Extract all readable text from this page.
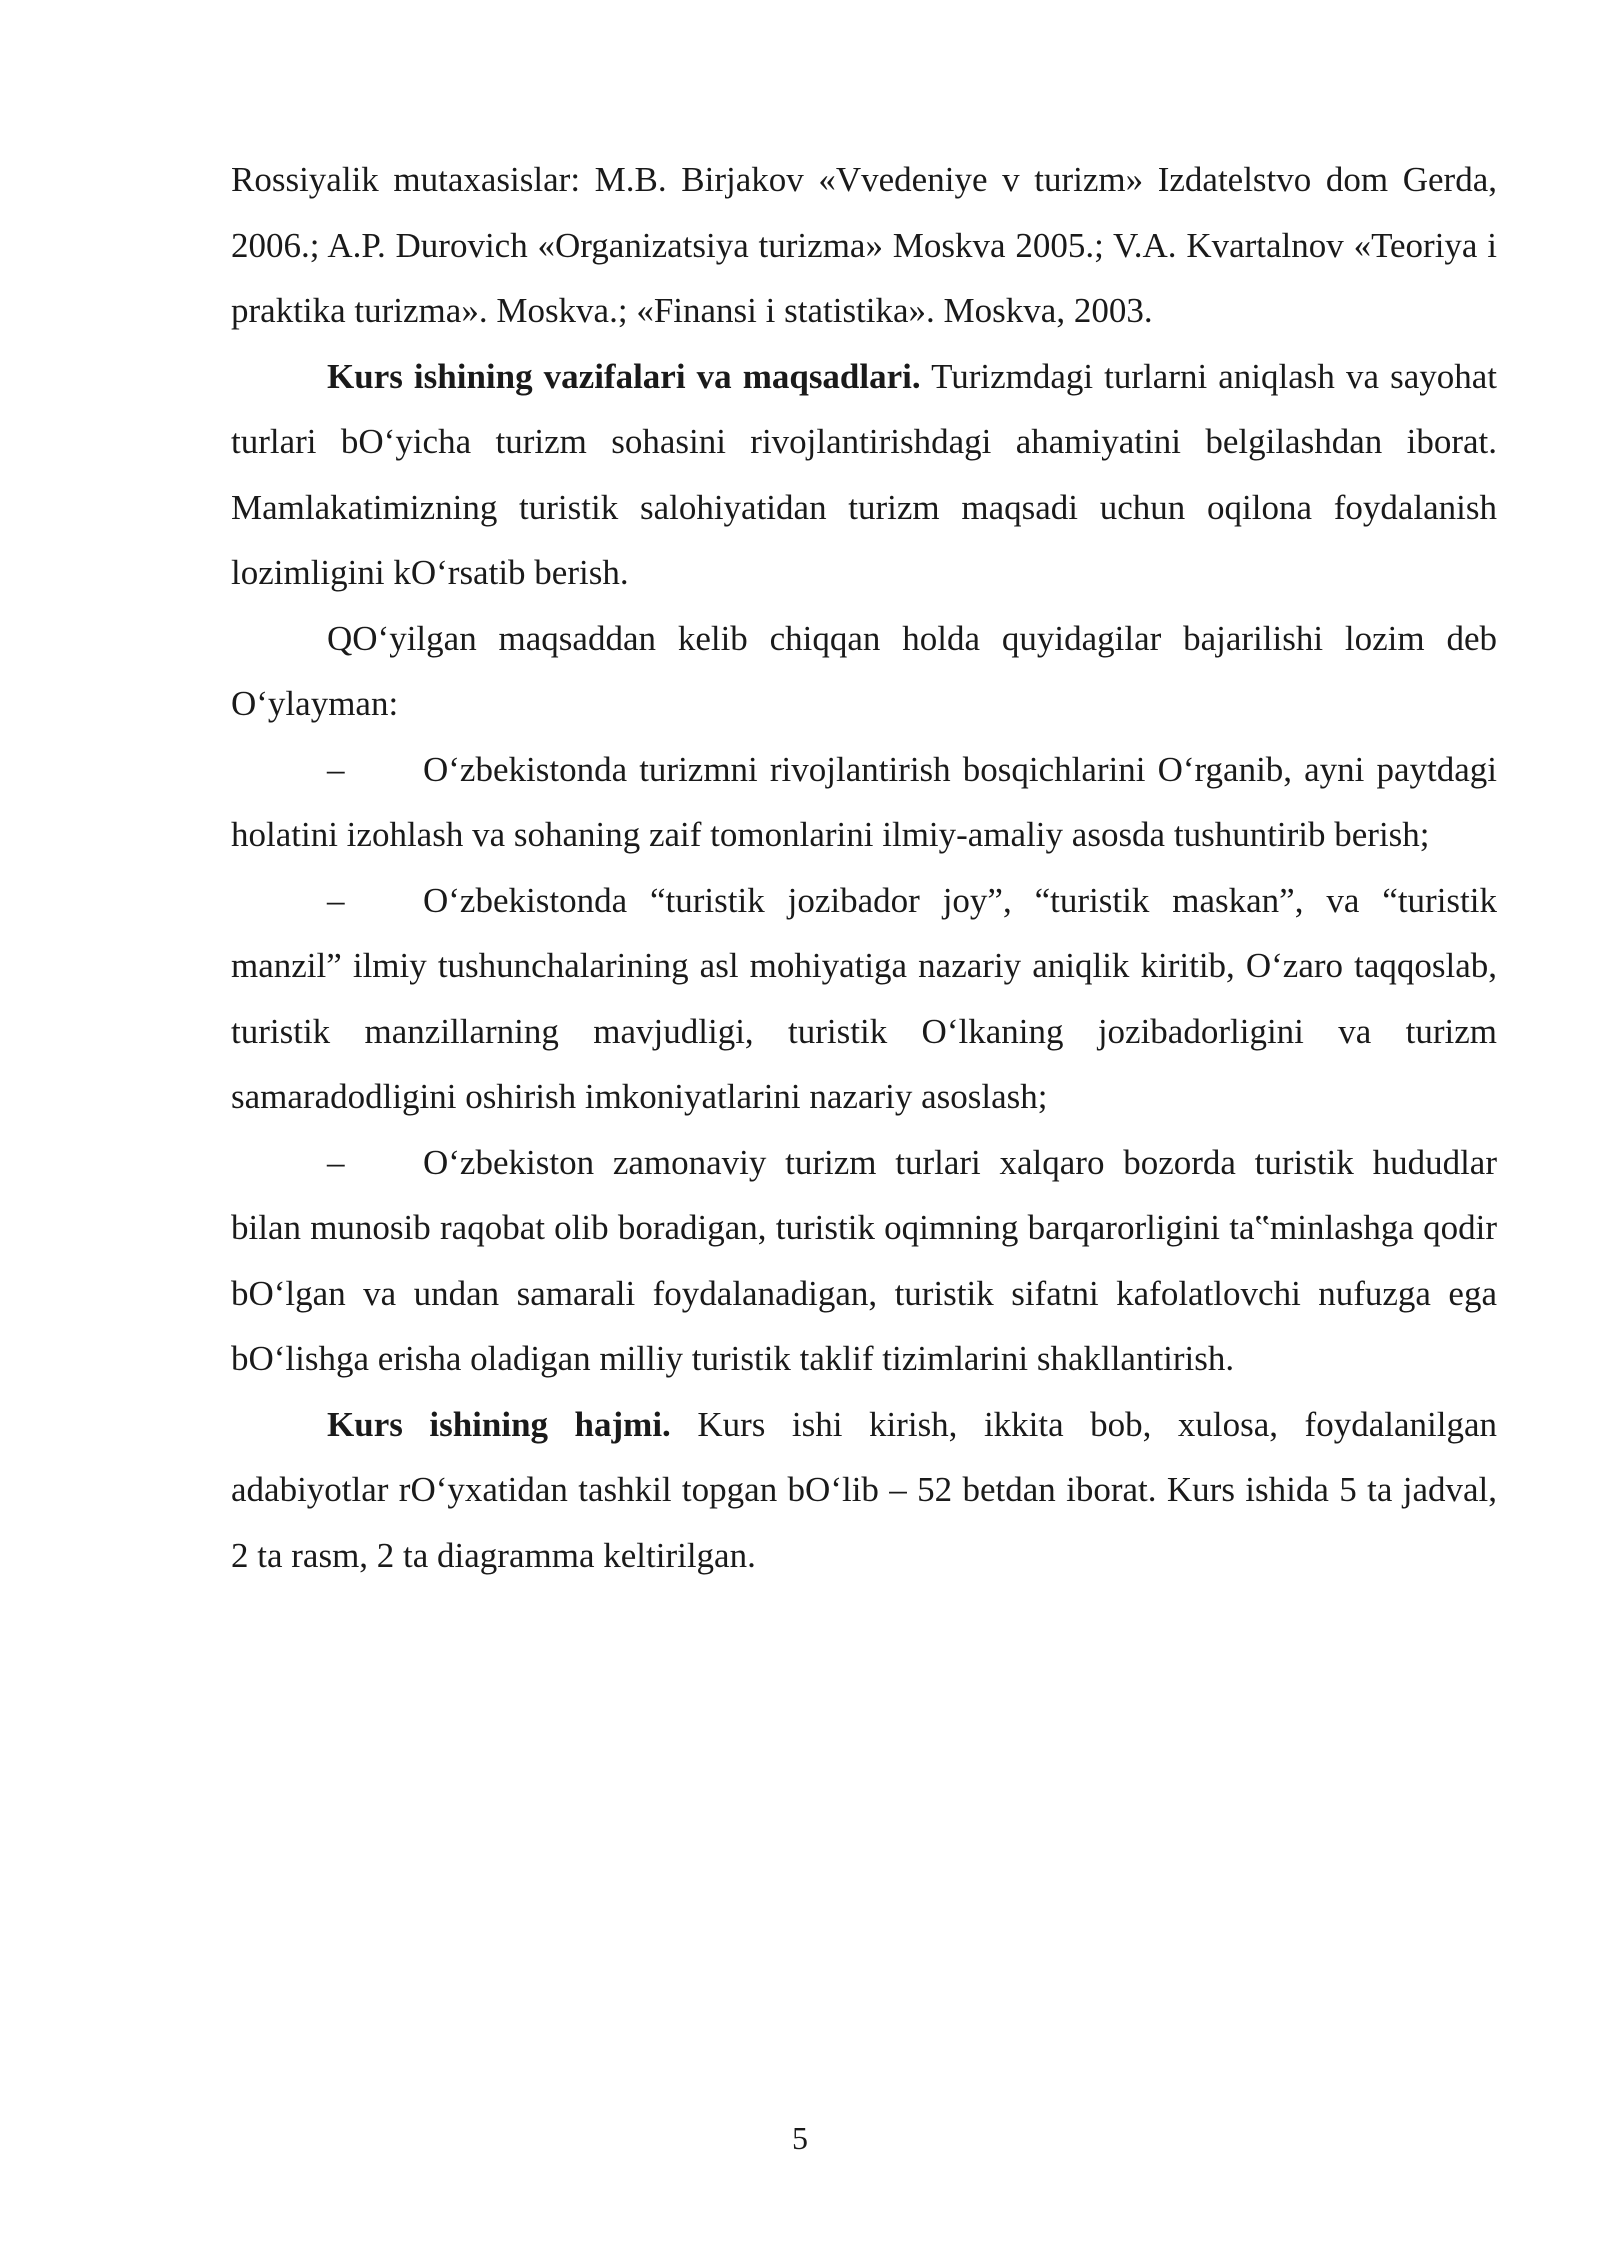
Rossiyalik mutaxasislar: M.B. Birjakov «Vvedeniye v turizm» Izdatelstvo dom Gerda, 2006.; A.P. Durovich «Organizatsiya turizma» Moskva 2005.; V.A. Kvartalnov «Teoriya i praktika turizma». Moskva.; «Finansi i statistika». Moskva, 2003.

Kurs ishining vazifalari va maqsadlari. Turizmdagi turlarni aniqlash va sayohat turlari bO‘yicha turizm sohasini rivojlantirishdagi ahamiyatini belgilashdan iborat. Mamlakatimizning turistik salohiyatidan turizm maqsadi uchun oqilona foydalanish lozimligini kO‘rsatib berish.

QO‘yilgan maqsaddan kelib chiqqan holda quyidagilar bajarilishi lozim deb O‘ylayman:

– O‘zbekistonda turizmni rivojlantirish bosqichlarini O‘rganib, ayni paytdagi holatini izohlash va sohaning zaif tomonlarini ilmiy-amaliy asosda tushuntirib berish;

– O‘zbekistonda “turistik jozibador joy”, “turistik maskan”, va “turistik manzil” ilmiy tushunchalarining asl mohiyatiga nazariy aniqlik kiritib, O‘zaro taqqoslab, turistik manzillarning mavjudligi, turistik O‘lkaning jozibadorligini va turizm samaradodligini oshirish imkoniyatlarini nazariy asoslash;

– O‘zbekiston zamonaviy turizm turlari xalqaro bozorda turistik hududlar bilan munosib raqobat olib boradigan, turistik oqimning barqarorligini ta‟minlashga qodir bO‘lgan va undan samarali foydalanadigan, turistik sifatni kafolatlovchi nufuzga ega bO‘lishga erisha oladigan milliy turistik taklif tizimlarini shakllantirish.

Kurs ishining hajmi. Kurs ishi kirish, ikkita bob, xulosa, foydalanilgan adabiyotlar rO‘yxatidan tashkil topgan bO‘lib – 52 betdan iborat. Kurs ishida 5 ta jadval, 2 ta rasm, 2 ta diagramma keltirilgan.

5
